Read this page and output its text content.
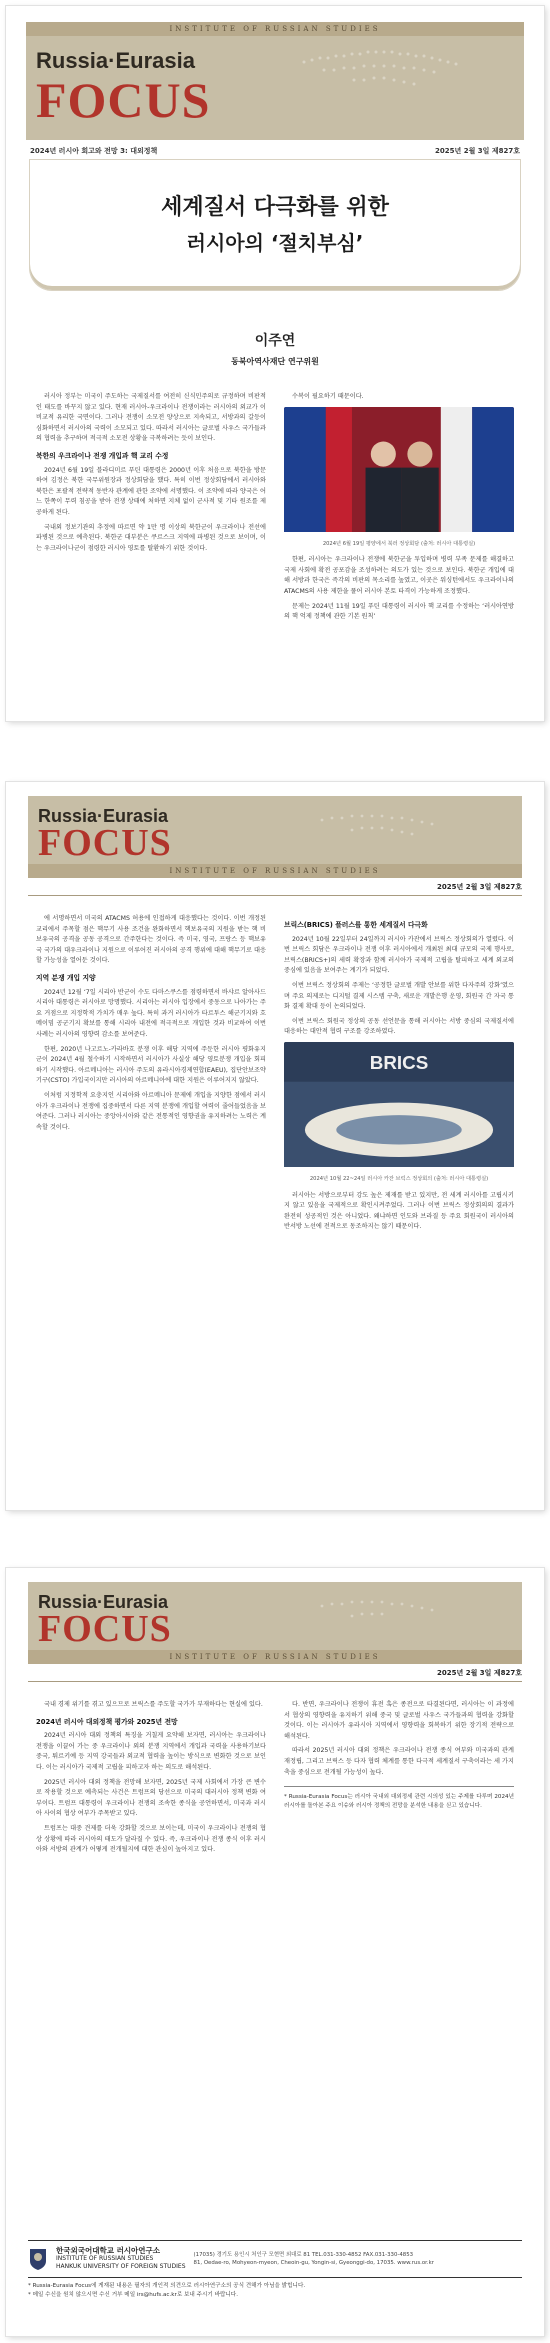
INSTITUTE OF RUSSIAN STUDIES
Russia·Eurasia
FOCUS
2024년 러시아 회고와 전망 3: 대외정책	2025년 2월 3일 제827호
세계질서 다극화를 위한
러시아의 ‘절치부심’
이주연
동북아역사재단 연구위원

러시아 정부는 미국이 주도하는 국제질서를 여전히 신식민주의로 규정하며 비판적인 태도를 바꾸지 않고 있다. 현재 러시아-우크라이나 전쟁이라는 러시아의 외교가 이 비교적 유리한 국면이다. 그러나 전쟁이 소모전 양상으로 지속되고, 서방과의 갈등이 심화하면서 러시아의 국력이 소모되고 있다. 따라서 러시아는 글로벌 사우스 국가들과의 협력을 추구하며 적극적 소모전 상황을 극복하려는 듯이 보인다.

북한의 우크라이나 전쟁 개입과 핵 교리 수정

2024년 6월 19일 블라디미르 푸틴 대통령은 2000년 이후 처음으로 북한을 방문하여 김정은 북한 국무위원장과 정상회담을 했다. 특히 이번 정상회담에서 러시아와 북한은 포괄적 전략적 동반자 관계에 관한 조약에 서명했다. 이 조약에 따라 양국은 어느 한쪽이 무력 침공을 받아 전쟁 상태에 처하면 지체 없이 군사적 및 기타 원조를 제공하게 된다.

국내외 정보기관의 추정에 따르면 약 1만 명 이상의 북한군이 우크라이나 전선에 파병된 것으로 예측된다. 북한군 대부분은 쿠르스크 지역에 파병된 것으로 보이며, 이는 우크라이나군이 점령한 러시아 영토를 탈환하기 위한 것이다.

수복이 필요하기 때문이다.

2024년 6월 19일 평양에서 북러 정상회담 (출처: 러시아 대통령실)

한편, 러시아는 우크라이나 전쟁에 북한군을 투입하며 병력 부족 문제를 해결하고 국제 사회에 확전 공포감을 조성하려는 의도가 있는 것으로 보인다. 북한군 개입에 대해 서방과 한국은 즉각의 비판의 목소리를 높였고, 이곳은 워싱턴에서도 우크라이나의 ATACMS의 사용 제한을 풀어 러시아 본토 타격이 가능하게 조정했다.

문제는 2024년 11월 19일 푸틴 대통령이 러시아 핵 교리를 수정하는 ‘러시아연방의 핵 억제 정책에 관한 기본 원칙’

Russia·Eurasia
FOCUS
INSTITUTE OF RUSSIAN STUDIES
2025년 2월 3일 제827호

에 서명하면서 미국의 ATACMS 허용에 인접하게 대응했다는 것이다. 이번 개정된 교리에서 주목할 점은 핵무기 사용 조건을 완화하면서 핵보유국의 지원을 받는 핵 비보유국의 공격을 공동 공격으로 간주한다는 것이다. 즉 미국, 영국, 프랑스 등 핵보유국 국가의 대우크라이나 지원으로 이루어진 러시아의 공격 행위에 대해 핵무기로 대응할 가능성을 열어둔 것이다.

지역 분쟁 개입 지양

2024년 12월 ‘7일 시리아 반군이 수도 다마스쿠스를 점령하면서 바샤르 알아사드 시리아 대통령은 러시아로 망명했다. 시리아는 러시아 입장에서 중동으로 나아가는 주요 거점으로 지정학적 가치가 매우 높다. 특히 과거 러시아가 타르투스 해군기지와 흐메이밈 공군기지 확보를 통해 시리아 내전에 적극적으로 개입한 것과 비교하여 이번 사례는 러시아의 영향력 감소를 보여준다.

한편, 2020년 나고르노-카라바흐 분쟁 이후 해당 지역에 주둔한 러시아 평화유지군이 2024년 4월 철수하기 시작하면서 러시아가 사실상 해당 영토분쟁 개입을 회피하기 시작했다. 아르메니아는 러시아 주도의 유라시아경제연합(EAEU), 집단안보조약기구(CSTO) 가입국이지만 러시아의 아르메니아에 대한 지원은 이루어지지 않았다.

이처럼 지정학적 요충지인 시리아와 아르메니아 문제에 개입을 지양한 점에서 러시아가 우크라이나 전쟁에 집중하면서 다른 지역 분쟁에 개입할 여력이 줄어들었음을 보여준다. 그러나 러시아는 중앙아시아와 같은 전통적인 영향권을 유지하려는 노력은 계속할 것이다.

브릭스(BRICS) 플러스를 통한 세계질서 다극화

2024년 10월 22일부터 24일까지 러시아 카잔에서 브릭스 정상회의가 열렸다. 이번 브릭스 회담은 우크라이나 전쟁 이후 러시아에서 개최된 최대 규모의 국제 행사로, 브릭스(BRICS+)의 세력 확장과 함께 러시아가 국제적 고립을 탈피하고 세계 외교의 중심에 있음을 보여주는 계기가 되었다.

이번 브릭스 정상회의 주제는 ‘공정한 글로벌 개발 안보를 위한 다자주의 강화’였으며 주요 의제로는 디지털 결제 시스템 구축, 새로운 개발은행 운영, 회원국 간 자국 통화 결제 확대 등이 논의되었다.

이번 브릭스 회원국 정상의 공동 선언문을 통해 러시아는 서방 중심의 국제질서에 대응하는 대안적 협력 구조를 강조하였다.

BRICS
2024년 10월 22~24일 러시아 카잔 브릭스 정상회의 (출처: 러시아 대통령실)

러시아는 서방으로부터 강도 높은 제재를 받고 있지만, 전 세계 러시아를 고립시키지 않고 있음을 국제적으로 확인시켜주었다. 그러나 이번 브릭스 정상회의의 결과가 완전히 성공적인 것은 아니었다. 왜냐하면 인도와 브라질 등 주요 회원국이 러시아의 반서방 노선에 전적으로 동조하지는 않기 때문이다.

Russia·Eurasia
FOCUS
INSTITUTE OF RUSSIAN STUDIES
2025년 2월 3일 제827호

국내 경제 위기를 겪고 있으므로 브릭스를 주도할 국가가 부재하다는 현실에 있다.

2024년 러시아 대외정책 평가와 2025년 전망

2024년 러시아 대외 정책의 특징을 거칠게 요약해 보자면, 러시아는 우크라이나 전쟁을 이끌어 가는 중 우크라이나 외의 분쟁 지역에서 개입과 국력을 사용하기보다 중국, 튀르키예 등 지역 강국들과 외교적 협력을 높이는 방식으로 변화한 것으로 보인다. 이는 러시아가 국제적 고립을 피하고자 하는 의도로 해석된다.

2025년 러시아 대외 정책을 전망해 보자면, 2025년 국제 사회에서 가장 큰 변수로 작용할 것으로 예측되는 사건은 트럼프의 당선으로 미국의 대러시아 정책 변화 여부이다. 트럼프 대통령이 우크라이나 전쟁의 조속한 종식을 공언하면서, 미국과 러시아 사이의 협상 여부가 주목받고 있다.

트럼프는 대중 견제를 더욱 강화할 것으로 보이는데, 미국이 우크라이나 전쟁의 협상 상황에 따라 러시아의 태도가 달라질 수 있다. 즉, 우크라이나 전쟁 종식 이후 러시아와 서방의 관계가 어떻게 전개될지에 대한 관심이 높아지고 있다.

다. 반면, 우크라이나 전쟁이 휴전 혹은 종전으로 타결된다면, 러시아는 이 과정에서 협상의 영향력을 유지하기 위해 중국 및 글로벌 사우스 국가들과의 협력을 강화할 것이다. 이는 러시아가 유라시아 지역에서 영향력을 회복하기 위한 장기적 전략으로 해석된다.

따라서 2025년 러시아 대외 정책은 우크라이나 전쟁 종식 여부와 미국과의 관계 재정립, 그리고 브릭스 등 다자 협력 체계를 통한 다극적 세계질서 구축이라는 세 가지 축을 중심으로 전개될 가능성이 높다.

* Russia-Eurasia Focus는 러시아 국내외 대외정세 관련 시의성 있는 주제를 다루며 2024년 러시아를 돌아본 주요 이슈와 러시아 정책의 전망을 분석한 내용을 싣고 있습니다.
한국외국어대학교 러시아연구소
INSTITUTE OF RUSSIAN STUDIES
HANKUK UNIVERSITY OF FOREIGN STUDIES
(17035) 경기도 용인시 처인구 모현면 외대로 81 TEL.031-330-4852 FAX.031-330-4853
81, Oedae-ro, Mohyeon-myeon, Cheoin-gu, Yongin-si, Gyeonggi-do, 17035. www.rus.or.kr
* Russia-Eurasia Focus에 게재된 내용은 필자의 개인적 의견으로 러시아연구소의 공식 견해가 아님을 밝힙니다.
* 메일 수신을 원치 않으시면 수신 거부 메일 irs@hufs.ac.kr로 보내 주시기 바랍니다.
